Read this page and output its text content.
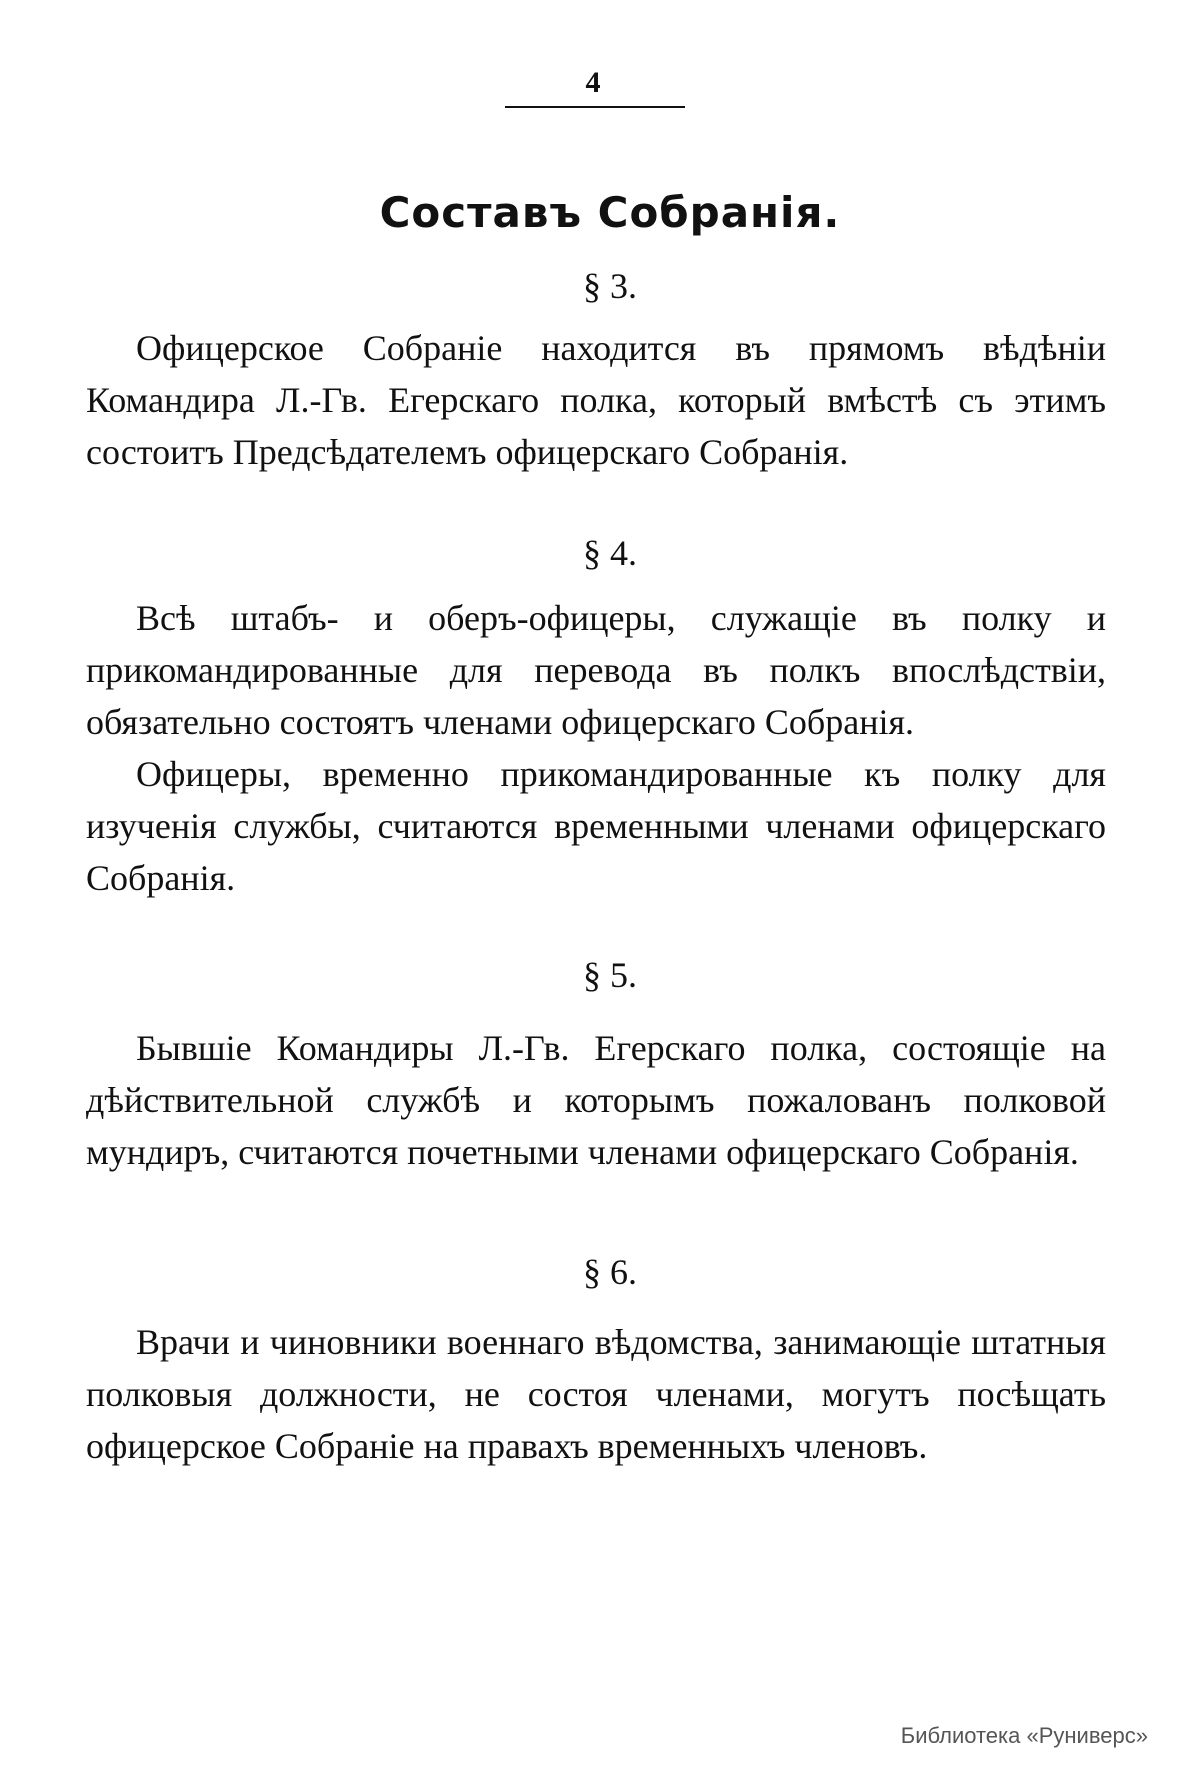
4
Составъ Собранія.
§ 3.

Офицерское Собраніе находится въ прямомъ вѣдѣніи Командира Л.-Гв. Егерскаго полка, который вмѣстѣ съ этимъ состоитъ Предсѣдателемъ офицерскаго Собранія.

§ 4.

Всѣ штабъ- и оберъ-офицеры, служащіе въ полку и прикомандированные для перевода въ полкъ впослѣдствіи, обязательно состоятъ членами офицерскаго Собранія.

Офицеры, временно прикомандированные къ полку для изученія службы, считаются временными членами офицерскаго Собранія.

§ 5.

Бывшіе Командиры Л.-Гв. Егерскаго полка, состоящіе на дѣйствительной службѣ и которымъ пожалованъ полковой мундиръ, считаются почетными членами офицерскаго Собранія.

§ 6.

Врачи и чиновники военнаго вѣдомства, занимающіе штатныя полковыя должности, не состоя членами, могутъ посѣщать офицерское Собраніе на правахъ временныхъ членовъ.

Библиотека «Руниверс»
